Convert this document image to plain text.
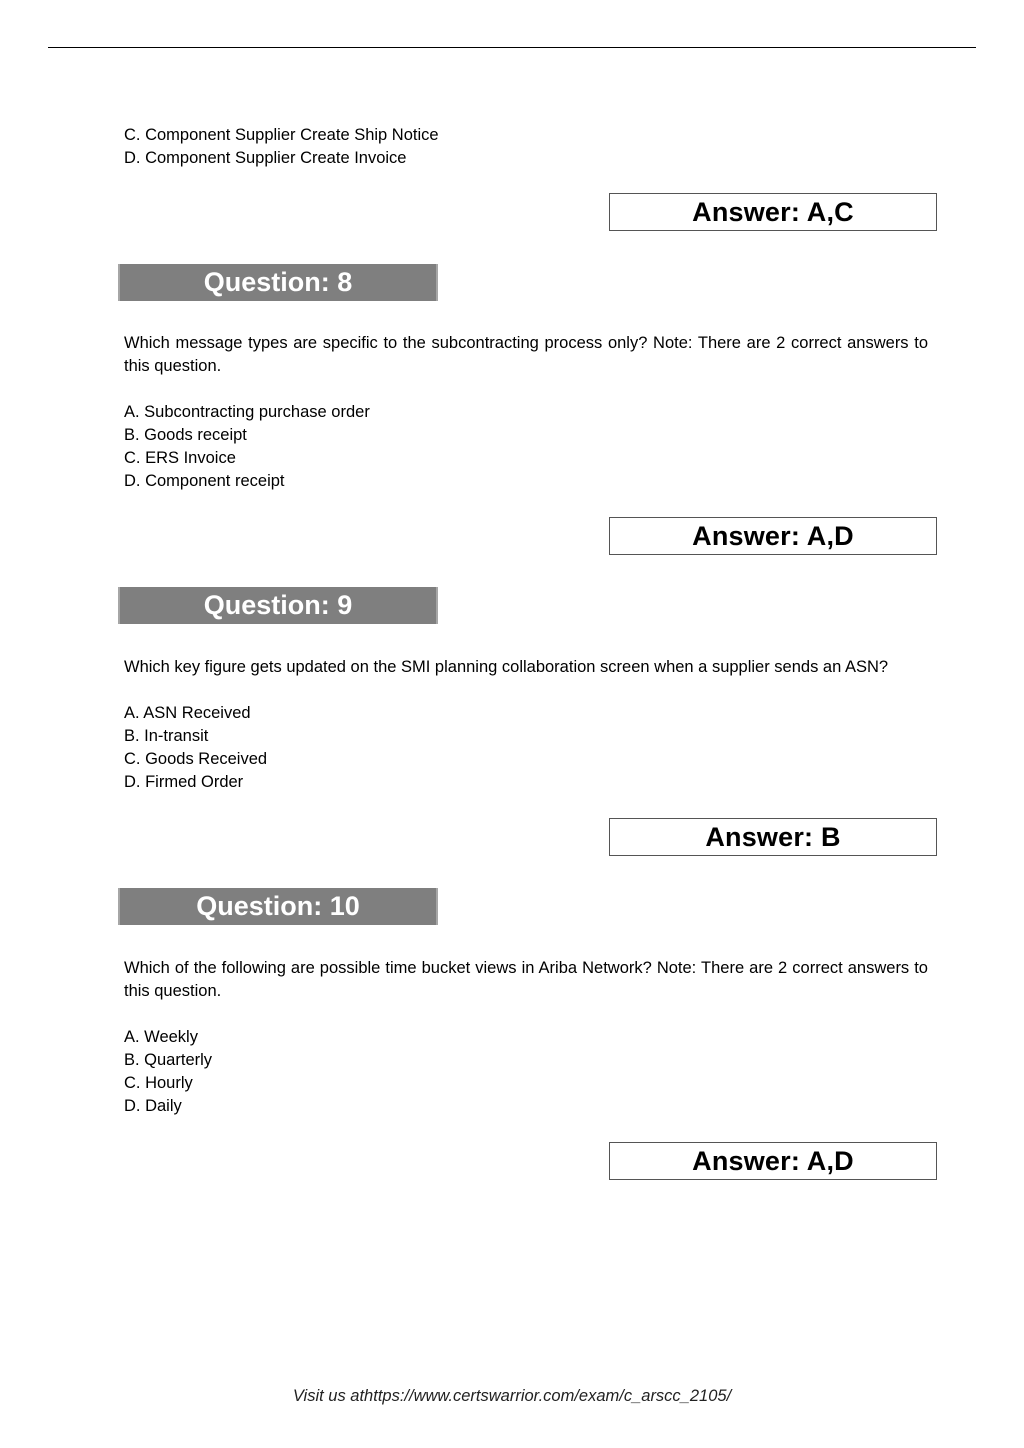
C. Component Supplier Create Ship Notice
D. Component Supplier Create Invoice
Answer: A,C
Question: 8
Which message types are specific to the subcontracting process only? Note: There are 2 correct answers to this question.
A. Subcontracting purchase order
B. Goods receipt
C. ERS Invoice
D. Component receipt
Answer: A,D
Question: 9
Which key figure gets updated on the SMI planning collaboration screen when a supplier sends an ASN?
A. ASN Received
B. In-transit
C. Goods Received
D. Firmed Order
Answer: B
Question: 10
Which of the following are possible time bucket views in Ariba Network? Note: There are 2 correct answers to this question.
A. Weekly
B. Quarterly
C. Hourly
D. Daily
Answer: A,D
Visit us athttps://www.certswarrior.com/exam/c_arscc_2105/
